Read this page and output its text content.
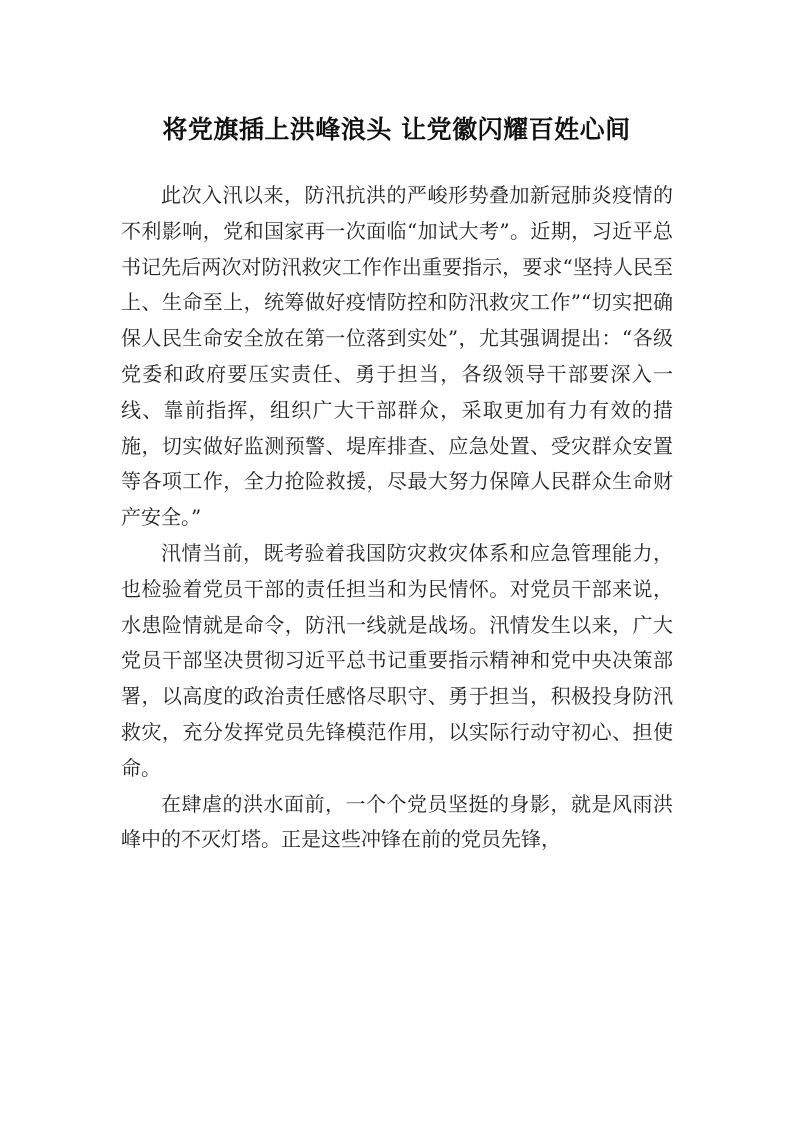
将党旗插上洪峰浪头 让党徽闪耀百姓心间

此次入汛以来，防汛抗洪的严峻形势叠加新冠肺炎疫情的不利影响，党和国家再一次面临“加试大考”。近期，习近平总书记先后两次对防汛救灾工作作出重要指示，要求“坚持人民至上、生命至上，统筹做好疫情防控和防汛救灾工作”“切实把确保人民生命安全放在第一位落到实处”，尤其强调提出：“各级党委和政府要压实责任、勇于担当，各级领导干部要深入一线、靠前指挥，组织广大干部群众，采取更加有力有效的措施，切实做好监测预警、堤库排查、应急处置、受灾群众安置等各项工作，全力抢险救援，尽最大努力保障人民群众生命财产安全。”

汛情当前，既考验着我国防灾救灾体系和应急管理能力，也检验着党员干部的责任担当和为民情怀。对党员干部来说，水患险情就是命令，防汛一线就是战场。汛情发生以来，广大党员干部坚决贯彻习近平总书记重要指示精神和党中央决策部署，以高度的政治责任感恪尽职守、勇于担当，积极投身防汛救灾，充分发挥党员先锋模范作用，以实际行动守初心、担使命。

在肆虐的洪水面前，一个个党员坚挺的身影，就是风雨洪峰中的不灭灯塔。正是这些冲锋在前的党员先锋，
